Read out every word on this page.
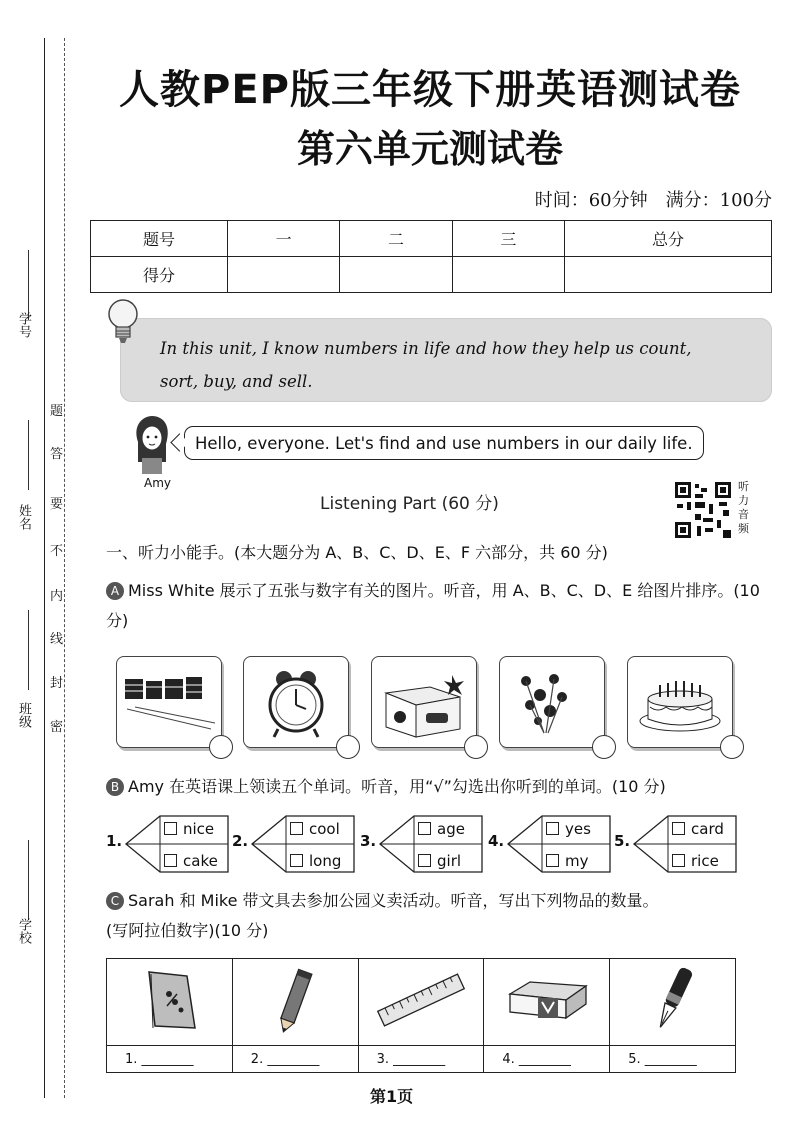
学号
姓名
班级
学校
题
答
要
不
内
线
封
密
人教PEP版三年级下册英语测试卷
第六单元测试卷
时间：60分钟　满分：100分
题号	一	二	三	总分
得分				
In this unit, I know numbers in life and how they help us count,
sort, buy, and sell.
Amy
Hello, everyone. Let's find and use numbers in our daily life.
Listening Part (60 分)
听力音频
一、听力小能手。(本大题分为 A、B、C、D、E、F 六部分，共 60 分)
A Miss White 展示了五张与数字有关的图片。听音，用 A、B、C、D、E 给图片排序。(10 分)
B Amy 在英语课上领读五个单词。听音，用“√”勾选出你听到的单词。(10 分)
1.
nice
cake
2.
cool
long
3.
age
girl
4.
yes
my
5.
card
rice
C Sarah 和 Mike 带文具去参加公园义卖活动。听音，写出下列物品的数量。
(写阿拉伯数字)(10 分)

1. ________	2. ________	3. ________	4. ________	5. ________
第1页
